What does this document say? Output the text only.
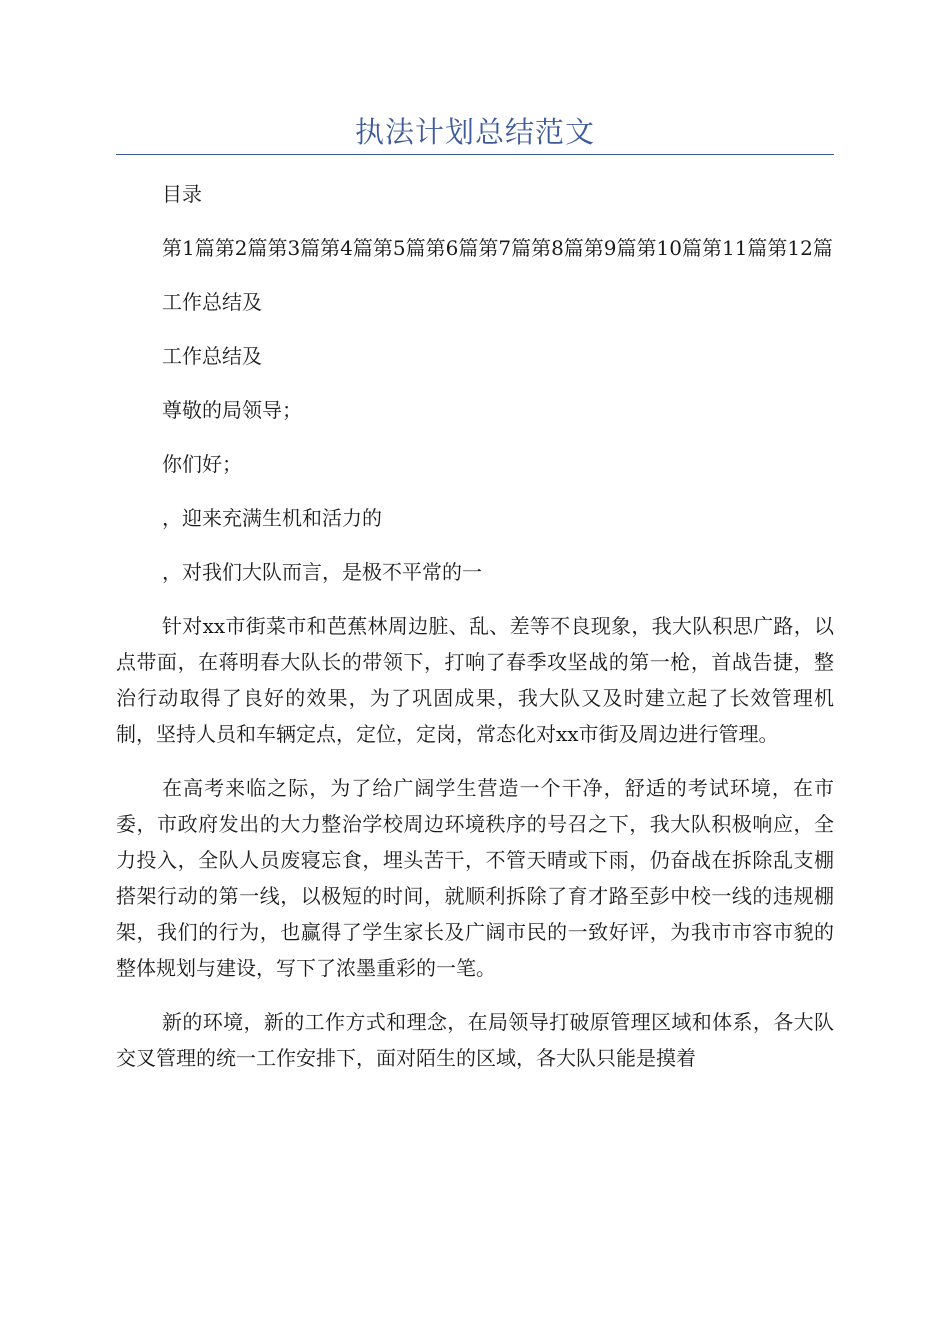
执法计划总结范文

目录

第1篇第2篇第3篇第4篇第5篇第6篇第7篇第8篇第9篇第10篇第11篇第12篇

工作总结及

工作总结及

尊敬的局领导；

你们好；

，迎来充满生机和活力的

，对我们大队而言，是极不平常的一

针对xx市街菜市和芭蕉林周边脏、乱、差等不良现象，我大队积思广路，以点带面，在蒋明春大队长的带领下，打响了春季攻坚战的第一枪，首战告捷，整治行动取得了良好的效果，为了巩固成果，我大队又及时建立起了长效管理机制，坚持人员和车辆定点，定位，定岗，常态化对xx市街及周边进行管理。

在高考来临之际，为了给广阔学生营造一个干净，舒适的考试环境，在市委，市政府发出的大力整治学校周边环境秩序的号召之下，我大队积极响应，全力投入，全队人员废寝忘食，埋头苦干，不管天晴或下雨，仍奋战在拆除乱支棚搭架行动的第一线，以极短的时间，就顺利拆除了育才路至彭中校一线的违规棚架，我们的行为，也赢得了学生家长及广阔市民的一致好评，为我市市容市貌的整体规划与建设，写下了浓墨重彩的一笔。

新的环境，新的工作方式和理念，在局领导打破原管理区域和体系，各大队交叉管理的统一工作安排下，面对陌生的区域，各大队只能是摸着
